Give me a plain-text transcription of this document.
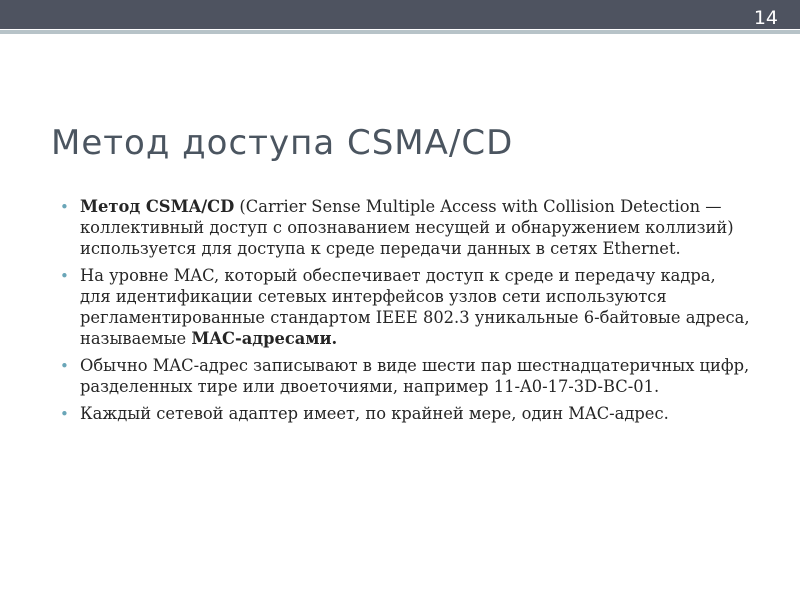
14
Метод доступа CSMA/CD
• Метод CSMA/CD (Carrier Sense Multiple Access with Collision Detection — коллективный доступ с опознаванием несущей и обнаружением коллизий) используется для доступа к среде передачи данных в сетях Ethernet.
• На уровне MAC, который обеспечивает доступ к среде и передачу кадра, для идентификации сетевых интерфейсов узлов сети используются регламентированные стандартом IEEE 802.3 уникальные 6-байтовые адреса, называемые MAC-адресами.
• Обычно MAC-адрес записывают в виде шести пар шестнадцатеричных цифр, разделенных тире или двоеточиями, например 11-A0-17-3D-BC-01.
• Каждый сетевой адаптер имеет, по крайней мере, один MAC-адрес.
